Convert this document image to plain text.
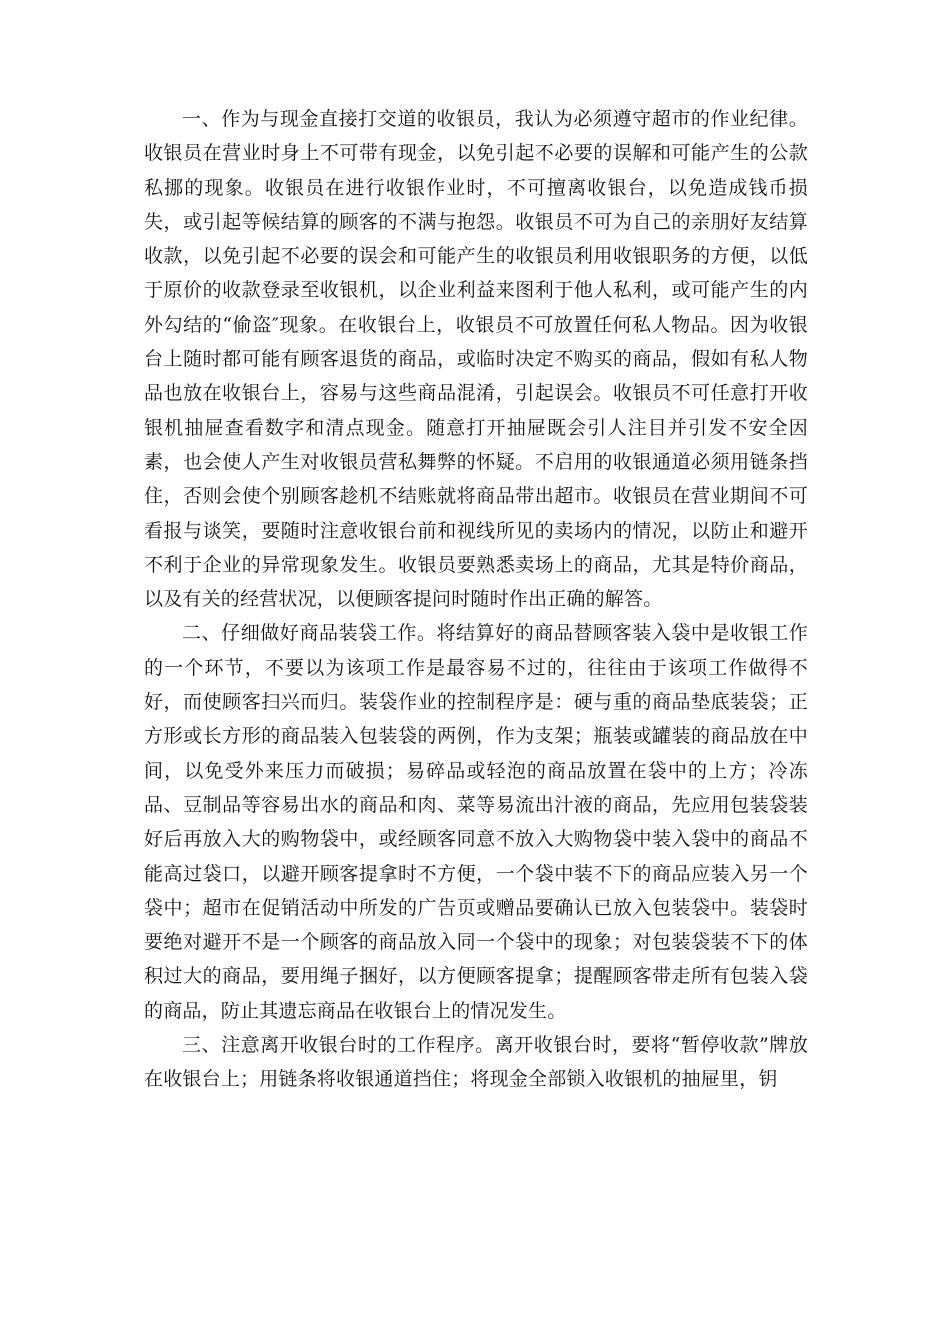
一、作为与现金直接打交道的收银员，我认为必须遵守超市的作业纪律。收银员在营业时身上不可带有现金，以免引起不必要的误解和可能产生的公款私挪的现象。收银员在进行收银作业时，不可擅离收银台，以免造成钱币损失，或引起等候结算的顾客的不满与抱怨。收银员不可为自己的亲朋好友结算收款，以免引起不必要的误会和可能产生的收银员利用收银职务的方便，以低于原价的收款登录至收银机，以企业利益来图利于他人私利，或可能产生的内外勾结的“偷盗″现象。在收银台上，收银员不可放置任何私人物品。因为收银台上随时都可能有顾客退货的商品，或临时决定不购买的商品，假如有私人物品也放在收银台上，容易与这些商品混淆，引起误会。收银员不可任意打开收银机抽屉查看数字和清点现金。随意打开抽屉既会引人注目并引发不安全因素，也会使人产生对收银员营私舞弊的怀疑。不启用的收银通道必须用链条挡住，否则会使个别顾客趁机不结账就将商品带出超市。收银员在营业期间不可看报与谈笑，要随时注意收银台前和视线所见的卖场内的情况，以防止和避开不利于企业的异常现象发生。收银员要熟悉卖场上的商品，尤其是特价商品，以及有关的经营状况，以便顾客提问时随时作出正确的解答。

二、仔细做好商品装袋工作。将结算好的商品替顾客装入袋中是收银工作的一个环节，不要以为该项工作是最容易不过的，往往由于该项工作做得不好，而使顾客扫兴而归。装袋作业的控制程序是：硬与重的商品垫底装袋；正方形或长方形的商品装入包装袋的两例，作为支架；瓶装或罐装的商品放在中间，以免受外来压力而破损；易碎品或轻泡的商品放置在袋中的上方；冷冻品、豆制品等容易出水的商品和肉、菜等易流出汁液的商品，先应用包装袋装好后再放入大的购物袋中，或经顾客同意不放入大购物袋中装入袋中的商品不能高过袋口，以避开顾客提拿时不方便，一个袋中装不下的商品应装入另一个袋中；超市在促销活动中所发的广告页或赠品要确认已放入包装袋中。装袋时要绝对避开不是一个顾客的商品放入同一个袋中的现象；对包装袋装不下的体积过大的商品，要用绳子捆好，以方便顾客提拿；提醒顾客带走所有包装入袋的商品，防止其遗忘商品在收银台上的情况发生。

三、注意离开收银台时的工作程序。离开收银台时，要将“暂停收款”牌放在收银台上；用链条将收银通道挡住；将现金全部锁入收银机的抽屉里，钥
